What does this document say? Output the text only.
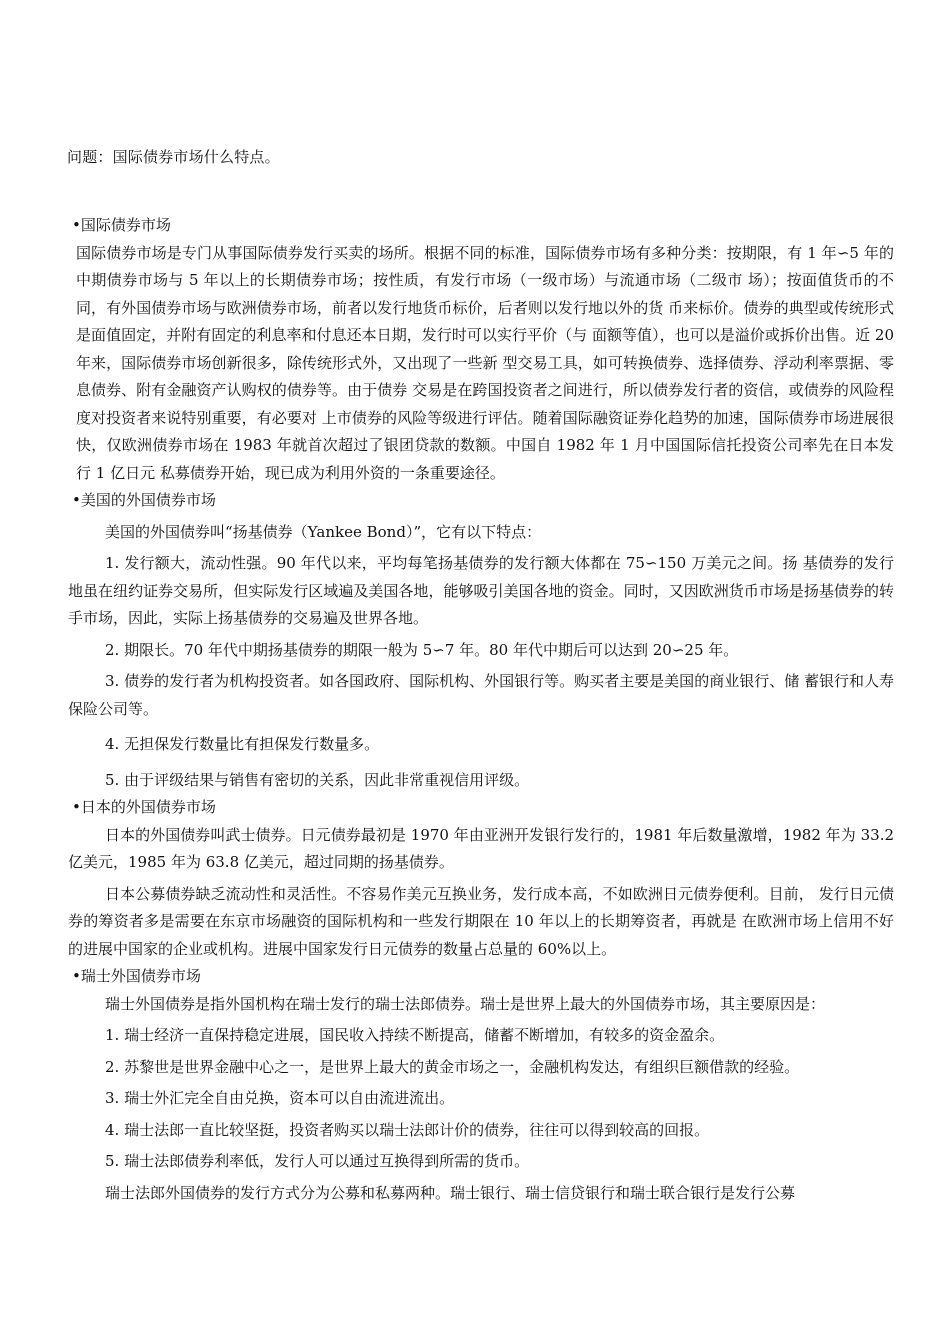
问题：国际债券市场什么特点。
•国际债券市场

国际债券市场是专门从事国际债券发行买卖的场所。根据不同的标准，国际债券市场有多种分类：按期限，有 1 年∽5 年的中期债券市场与 5 年以上的长期债券市场；按性质，有发行市场（一级市场）与流通市场（二级市 场）；按面值货币的不同，有外国债券市场与欧洲债券市场，前者以发行地货币标价，后者则以发行地以外的货 币来标价。债券的典型或传统形式是面值固定，并附有固定的利息率和付息还本日期，发行时可以实行平价（与 面额等值），也可以是溢价或拆价出售。近 20 年来，国际债券市场创新很多，除传统形式外，又出现了一些新 型交易工具，如可转换债券、选择债券、浮动利率票据、零息债券、附有金融资产认购权的债券等。由于债券 交易是在跨国投资者之间进行，所以债券发行者的资信，或债券的风险程度对投资者来说特别重要，有必要对 上市债券的风险等级进行评估。随着国际融资证券化趋势的加速，国际债券市场进展很快，仅欧洲债券市场在 1983 年就首次超过了银团贷款的数额。中国自 1982 年 1 月中国国际信托投资公司率先在日本发行 1 亿日元 私募债券开始，现已成为利用外资的一条重要途径。

•美国的外国债券市场

美国的外国债券叫“扬基债券（Yankee Bond）”，它有以下特点：

1. 发行额大，流动性强。90 年代以来，平均每笔扬基债券的发行额大体都在 75∽150 万美元之间。扬 基债券的发行地虽在纽约证券交易所，但实际发行区域遍及美国各地，能够吸引美国各地的资金。同时，又因欧洲货币市场是扬基债券的转手市场，因此，实际上扬基债券的交易遍及世界各地。

2. 期限长。70 年代中期扬基债券的期限一般为 5∽7 年。80 年代中期后可以达到 20∽25 年。

3. 债券的发行者为机构投资者。如各国政府、国际机构、外国银行等。购买者主要是美国的商业银行、储 蓄银行和人寿保险公司等。

4. 无担保发行数量比有担保发行数量多。

5. 由于评级结果与销售有密切的关系，因此非常重视信用评级。

•日本的外国债券市场

日本的外国债券叫武士债券。日元债券最初是 1970 年由亚洲开发银行发行的，1981 年后数量激增，1982 年为 33.2 亿美元，1985 年为 63.8 亿美元，超过同期的扬基债券。

日本公募债券缺乏流动性和灵活性。不容易作美元互换业务，发行成本高，不如欧洲日元债券便利。目前， 发行日元债券的筹资者多是需要在东京市场融资的国际机构和一些发行期限在 10 年以上的长期筹资者，再就是 在欧洲市场上信用不好的进展中国家的企业或机构。进展中国家发行日元债券的数量占总量的 60%以上。

•瑞士外国债券市场

瑞士外国债券是指外国机构在瑞士发行的瑞士法郎债券。瑞士是世界上最大的外国债券市场，其主要原因是：

1. 瑞士经济一直保持稳定进展，国民收入持续不断提高，储蓄不断增加，有较多的资金盈余。

2. 苏黎世是世界金融中心之一，是世界上最大的黄金市场之一，金融机构发达，有组织巨额借款的经验。

3. 瑞士外汇完全自由兑换，资本可以自由流进流出。

4. 瑞士法郎一直比较坚挺，投资者购买以瑞士法郎计价的债券，往往可以得到较高的回报。

5. 瑞士法郎债券利率低，发行人可以通过互换得到所需的货币。

瑞士法郎外国债券的发行方式分为公募和私募两种。瑞士银行、瑞士信贷银行和瑞士联合银行是发行公募
